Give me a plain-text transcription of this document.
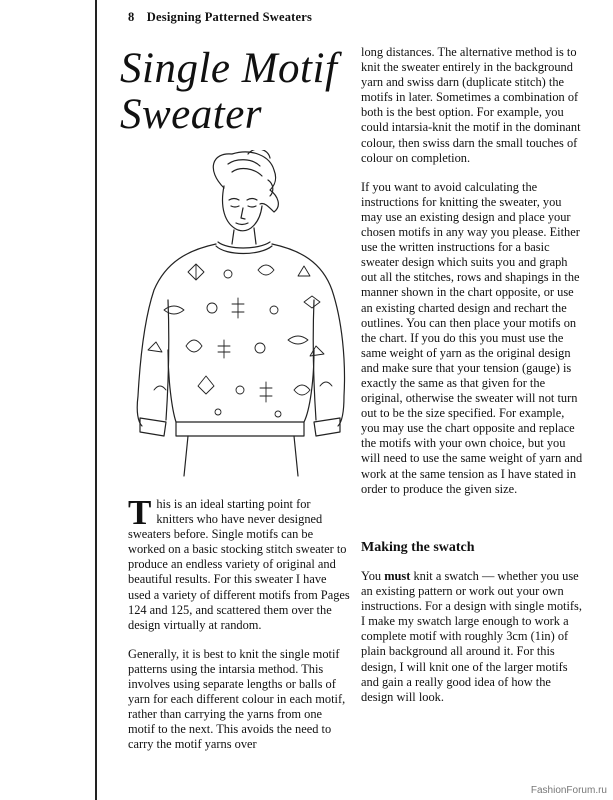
8 Designing Patterned Sweaters
Single Motif
Sweater

This is an ideal starting point for knitters who have never designed sweaters before. Single motifs can be worked on a basic stocking stitch sweater to produce an endless variety of original and beautiful results. For this sweater I have used a variety of different motifs from Pages 124 and 125, and scattered them over the design virtually at random.

Generally, it is best to knit the single motif patterns using the intarsia method. This involves using separate lengths or balls of yarn for each different colour in each motif, rather than carrying the yarns from one motif to the next. This avoids the need to carry the motif yarns over

long distances. The alternative method is to knit the sweater entirely in the background yarn and swiss darn (duplicate stitch) the motifs in later. Sometimes a combination of both is the best option. For example, you could intarsia-knit the motif in the dominant colour, then swiss darn the small touches of colour on completion.

If you want to avoid calculating the instructions for knitting the sweater, you may use an existing design and place your chosen motifs in any way you please. Either use the written instructions for a basic sweater design which suits you and graph out all the stitches, rows and shapings in the manner shown in the chart opposite, or use an existing charted design and rechart the outlines. You can then place your motifs on the chart. If you do this you must use the same weight of yarn as the original design and make sure that your tension (gauge) is exactly the same as that given for the original, otherwise the sweater will not turn out to be the size specified. For example, you may use the chart opposite and replace the motifs with your own choice, but you will need to use the same weight of yarn and work at the same tension as I have stated in order to produce the given size.

Making the swatch

You must knit a swatch — whether you use an existing pattern or work out your own instructions. For a design with single motifs, I make my swatch large enough to work a complete motif with roughly 3cm (1in) of plain background all around it. For this design, I will knit one of the larger motifs and gain a really good idea of how the design will look.

FashionForum.ru
